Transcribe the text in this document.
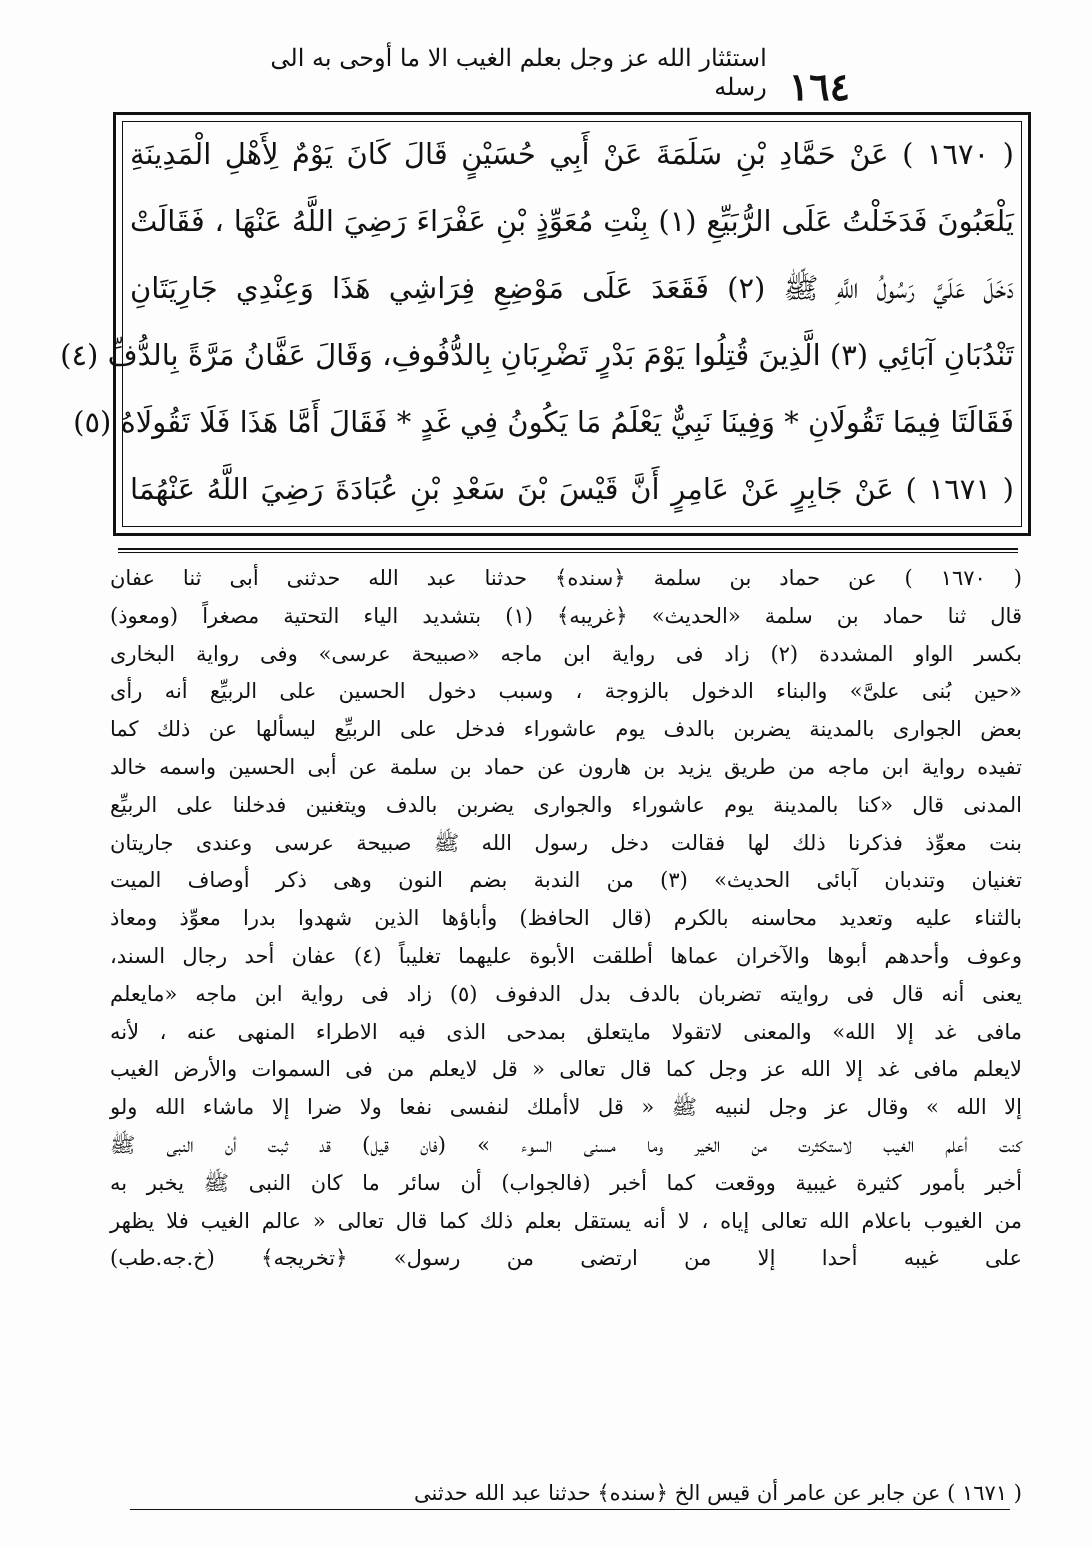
١٦٤
استئثار الله عز وجل بعلم الغيب الا ما أوحى به الى رسله
( ١٦٧٠ ) عَنْ حَمَّادِ بْنِ سَلَمَةَ عَنْ أَبِي حُسَيْنٍ قَالَ كَانَ يَوْمٌ لِأَهْلِ الْمَدِينَةِ
يَلْعَبُونَ فَدَخَلْتُ عَلَى الرُّبَيِّعِ (١) بِنْتِ مُعَوِّذٍ بْنِ عَفْرَاءَ رَضِيَ اللَّهُ عَنْهَا ، فَقَالَتْ
دَخَلَ عَلَيَّ رَسُولُ اللَّهِ ﷺ (٢) فَقَعَدَ عَلَى مَوْضِعِ فِرَاشِي هَذَا وَعِنْدِي جَارِيَتَانِ
تَنْدُبَانِ آبَائِي (٣) الَّذِينَ قُتِلُوا يَوْمَ بَدْرٍ تَضْرِبَانِ بِالدُّفُوفِ، وَقَالَ عَفَّانُ مَرَّةً بِالدُّفِّ (٤)
فَقَالَتَا فِيمَا تَقُولَانِ * وَفِينَا نَبِيٌّ يَعْلَمُ مَا يَكُونُ فِي غَدٍ * فَقَالَ أَمَّا هَذَا فَلَا تَقُولَاهُ (٥)
( ١٦٧١ ) عَنْ جَابِرٍ عَنْ عَامِرٍ أَنَّ قَيْسَ بْنَ سَعْدِ بْنِ عُبَادَةَ رَضِيَ اللَّهُ عَنْهُمَا
( ١٦٧٠ ) عن حماد بن سلمة ﴿سنده﴾ حدثنا عبد الله حدثنى أبى ثنا عفان
قال ثنا حماد بن سلمة «الحديث» ﴿غريبه﴾ (١) بتشديد الياء التحتية مصغراً (ومعوذ)
بكسر الواو المشددة (٢) زاد فى رواية ابن ماجه «صبيحة عرسى» وفى رواية البخارى
«حين بُنى علىَّ» والبناء الدخول بالزوجة ، وسبب دخول الحسين على الربيِّع أنه رأى
بعض الجوارى بالمدينة يضربن بالدف يوم عاشوراء فدخل على الربيِّع ليسألها عن ذلك كما
تفيده رواية ابن ماجه من طريق يزيد بن هارون عن حماد بن سلمة عن أبى الحسين واسمه خالد
المدنى قال «كنا بالمدينة يوم عاشوراء والجوارى يضربن بالدف ويتغنين فدخلنا على الربيِّع
بنت معوِّذ فذكرنا ذلك لها فقالت دخل رسول الله ﷺ صبيحة عرسى وعندى جاريتان
تغنيان وتندبان آبائى الحديث» (٣) من الندبة بضم النون وهى ذكر أوصاف الميت
بالثناء عليه وتعديد محاسنه بالكرم (قال الحافظ) وأباؤها الذين شهدوا بدرا معوِّذ ومعاذ
وعوف وأحدهم أبوها والآخران عماها أطلقت الأبوة عليهما تغليباً (٤) عفان أحد رجال السند،
يعنى أنه قال فى روايته تضربان بالدف بدل الدفوف (٥) زاد فى رواية ابن ماجه «مايعلم
مافى غد إلا الله» والمعنى لاتقولا مايتعلق بمدحى الذى فيه الاطراء المنهى عنه ، لأنه
لايعلم مافى غد إلا الله عز وجل كما قال تعالى « قل لايعلم من فى السموات والأرض الغيب
إلا الله » وقال عز وجل لنبيه ﷺ « قل لاأملك لنفسى نفعا ولا ضرا إلا ماشاء الله ولو
كنت أعلم الغيب لاستكثرت من الخير وما مسنى السوء » (فان قيل) قد ثبت أن النبى ﷺ
أخبر بأمور كثيرة غيبية ووقعت كما أخبر (فالجواب) أن سائر ما كان النبى ﷺ يخبر به
من الغيوب باعلام الله تعالى إياه ، لا أنه يستقل بعلم ذلك كما قال تعالى « عالم الغيب فلا يظهر
على غيبه أحدا إلا من ارتضى من رسول» ﴿تخريجه﴾ (خ.جه.طب)
( ١٦٧١ ) عن جابر عن عامر أن قيس الخ ﴿سنده﴾ حدثنا عبد الله حدثنى
